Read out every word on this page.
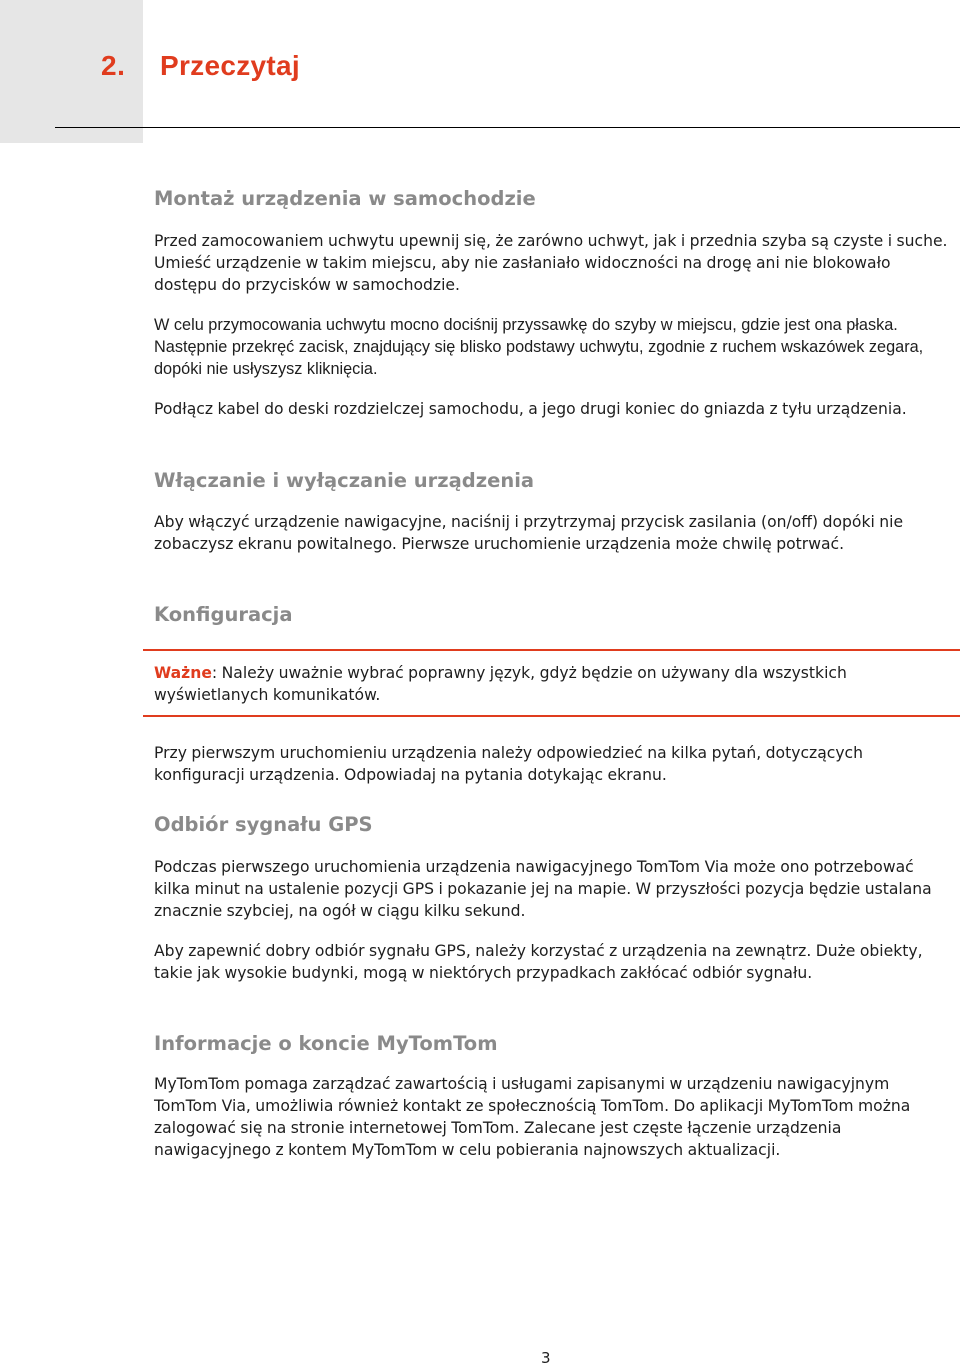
2. Przeczytaj
Montaż urządzenia w samochodzie

Przed zamocowaniem uchwytu upewnij się, że zarówno uchwyt, jak i przednia szyba są czyste i suche. Umieść urządzenie w takim miejscu, aby nie zasłaniało widoczności na drogę ani nie blokowało dostępu do przycisków w samochodzie.

W celu przymocowania uchwytu mocno dociśnij przyssawkę do szyby w miejscu, gdzie jest ona płaska. Następnie przekręć zacisk, znajdujący się blisko podstawy uchwytu, zgodnie z ruchem wskazówek zegara, dopóki nie usłyszysz kliknięcia.

Podłącz kabel do deski rozdzielczej samochodu, a jego drugi koniec do gniazda z tyłu urządzenia.

Włączanie i wyłączanie urządzenia

Aby włączyć urządzenie nawigacyjne, naciśnij i przytrzymaj przycisk zasilania (on/off) dopóki nie zobaczysz ekranu powitalnego. Pierwsze uruchomienie urządzenia może chwilę potrwać.

Konfiguracja

Ważne: Należy uważnie wybrać poprawny język, gdyż będzie on używany dla wszystkich wyświetlanych komunikatów.

Przy pierwszym uruchomieniu urządzenia należy odpowiedzieć na kilka pytań, dotyczących konfiguracji urządzenia. Odpowiadaj na pytania dotykając ekranu.

Odbiór sygnału GPS

Podczas pierwszego uruchomienia urządzenia nawigacyjnego TomTom Via może ono potrzebować kilka minut na ustalenie pozycji GPS i pokazanie jej na mapie. W przyszłości pozycja będzie ustalana znacznie szybciej, na ogół w ciągu kilku sekund.

Aby zapewnić dobry odbiór sygnału GPS, należy korzystać z urządzenia na zewnątrz. Duże obiekty, takie jak wysokie budynki, mogą w niektórych przypadkach zakłócać odbiór sygnału.

Informacje o koncie MyTomTom

MyTomTom pomaga zarządzać zawartością i usługami zapisanymi w urządzeniu nawigacyjnym TomTom Via, umożliwia również kontakt ze społecznością TomTom. Do aplikacji MyTomTom można zalogować się na stronie internetowej TomTom. Zalecane jest częste łączenie urządzenia nawigacyjnego z kontem MyTomTom w celu pobierania najnowszych aktualizacji.

3
